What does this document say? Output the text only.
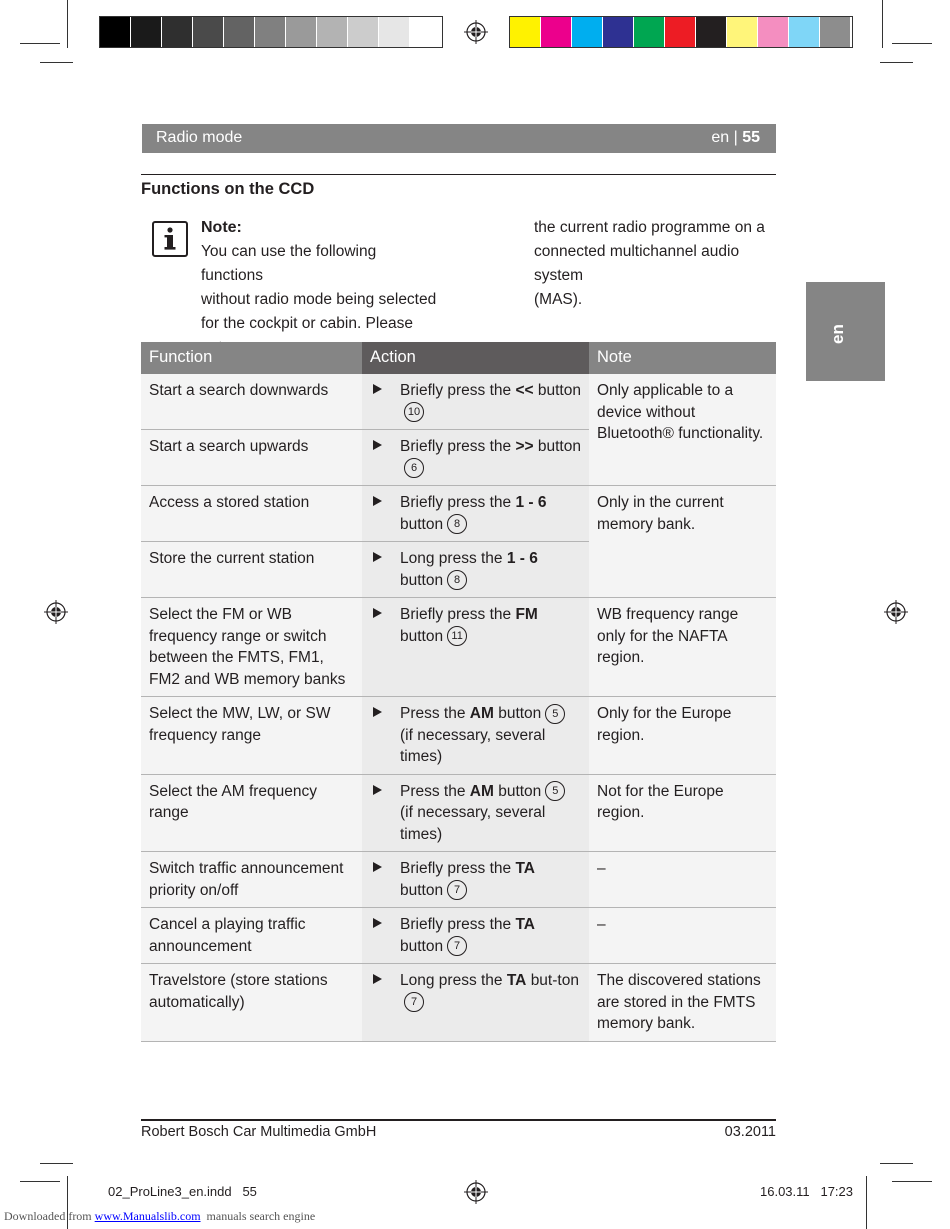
Radio mode	en | 55
Functions on the CCD
Note:
You can use the following functions
without radio mode being selected
for the cockpit or cabin. Please
the current radio programme on a
connected multichannel audio system
(MAS).
en
Function	Action	Note
Start a search downwards	Briefly press the << button10	Only applicable to a device without Bluetooth® functionality.
Start a search upwards	Briefly press the >> button6	
Access a stored station	Briefly press the 1 - 6 button 8	Only in the current memory bank.
Store the current station	Long press the 1 - 6 button 8	
Select the FM or WB frequency range or switch between the FMTS, FM1, FM2 and WB memory banks	Briefly press the FM button 11	WB frequency range only for the NAFTA region.
Select the MW, LW, or SW frequency range	Press the AM button 5 (if necessary, several times)	Only for the Europe region.
Select the AM frequency range	Press the AM button 5 (if necessary, several times)	Not for the Europe region.
Switch traffic announcement priority on/off	Briefly press the TA button 7	–
Cancel a playing traffic announcement	Briefly press the TA button 7	–
Travelstore (store stations automatically)	Long press the TA but-ton7	The discovered stations are stored in the FMTS memory bank.
Robert Bosch Car Multimedia GmbH	03.2011
02_ProLine3_en.indd   55	16.03.11   17:23
Downloaded from www.Manualslib.com  manuals search engine
